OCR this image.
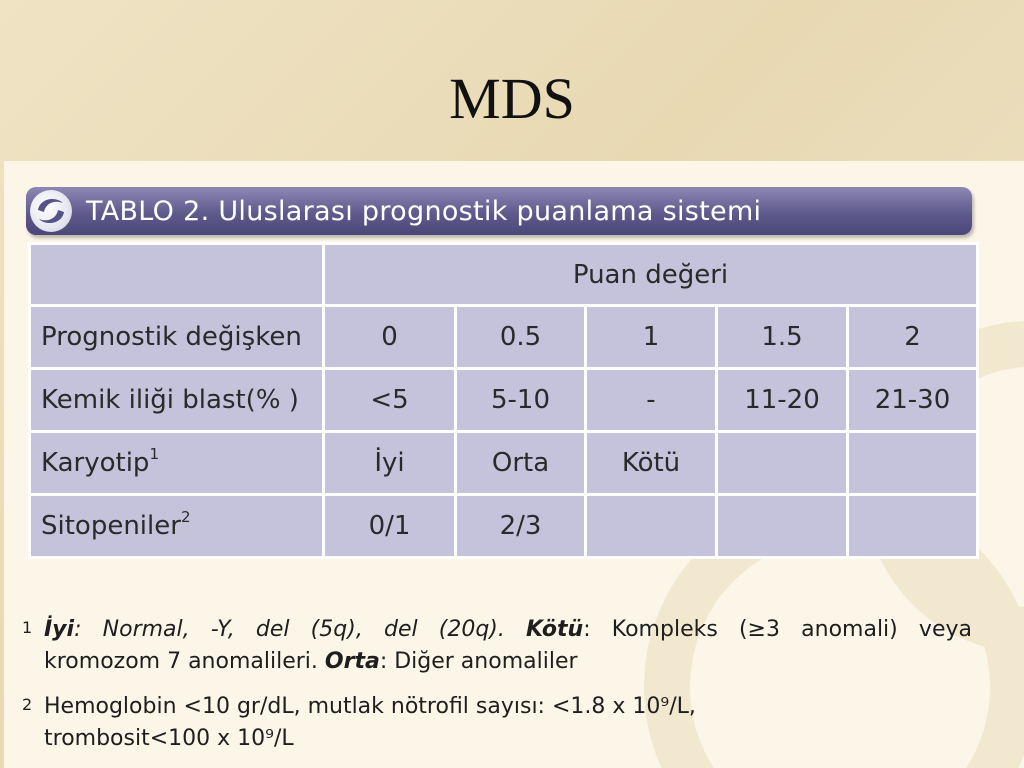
MDS
TABLO 2. Uluslarası prognostik puanlama sistemi
	Puan değeri				
Prognostik değişken	0	0.5	1	1.5	2
Kemik iliği blast(% )	<5	5-10	-	11-20	21-30
Karyotip$^1$	İyi	Orta	Kötü		
Sitopeniler$^2$	0/1	2/3			
1 İyi: Normal, -Y, del (5q), del (20q). Kötü: Kompleks (≥3 anomali) veya
kromozom 7 anomalileri. Orta: Diğer anomaliler
2 Hemoglobin <10 gr/dL, mutlak nötrofil sayısı: <1.8 x 10⁹/L,
trombosit<100 x 10⁹/L
